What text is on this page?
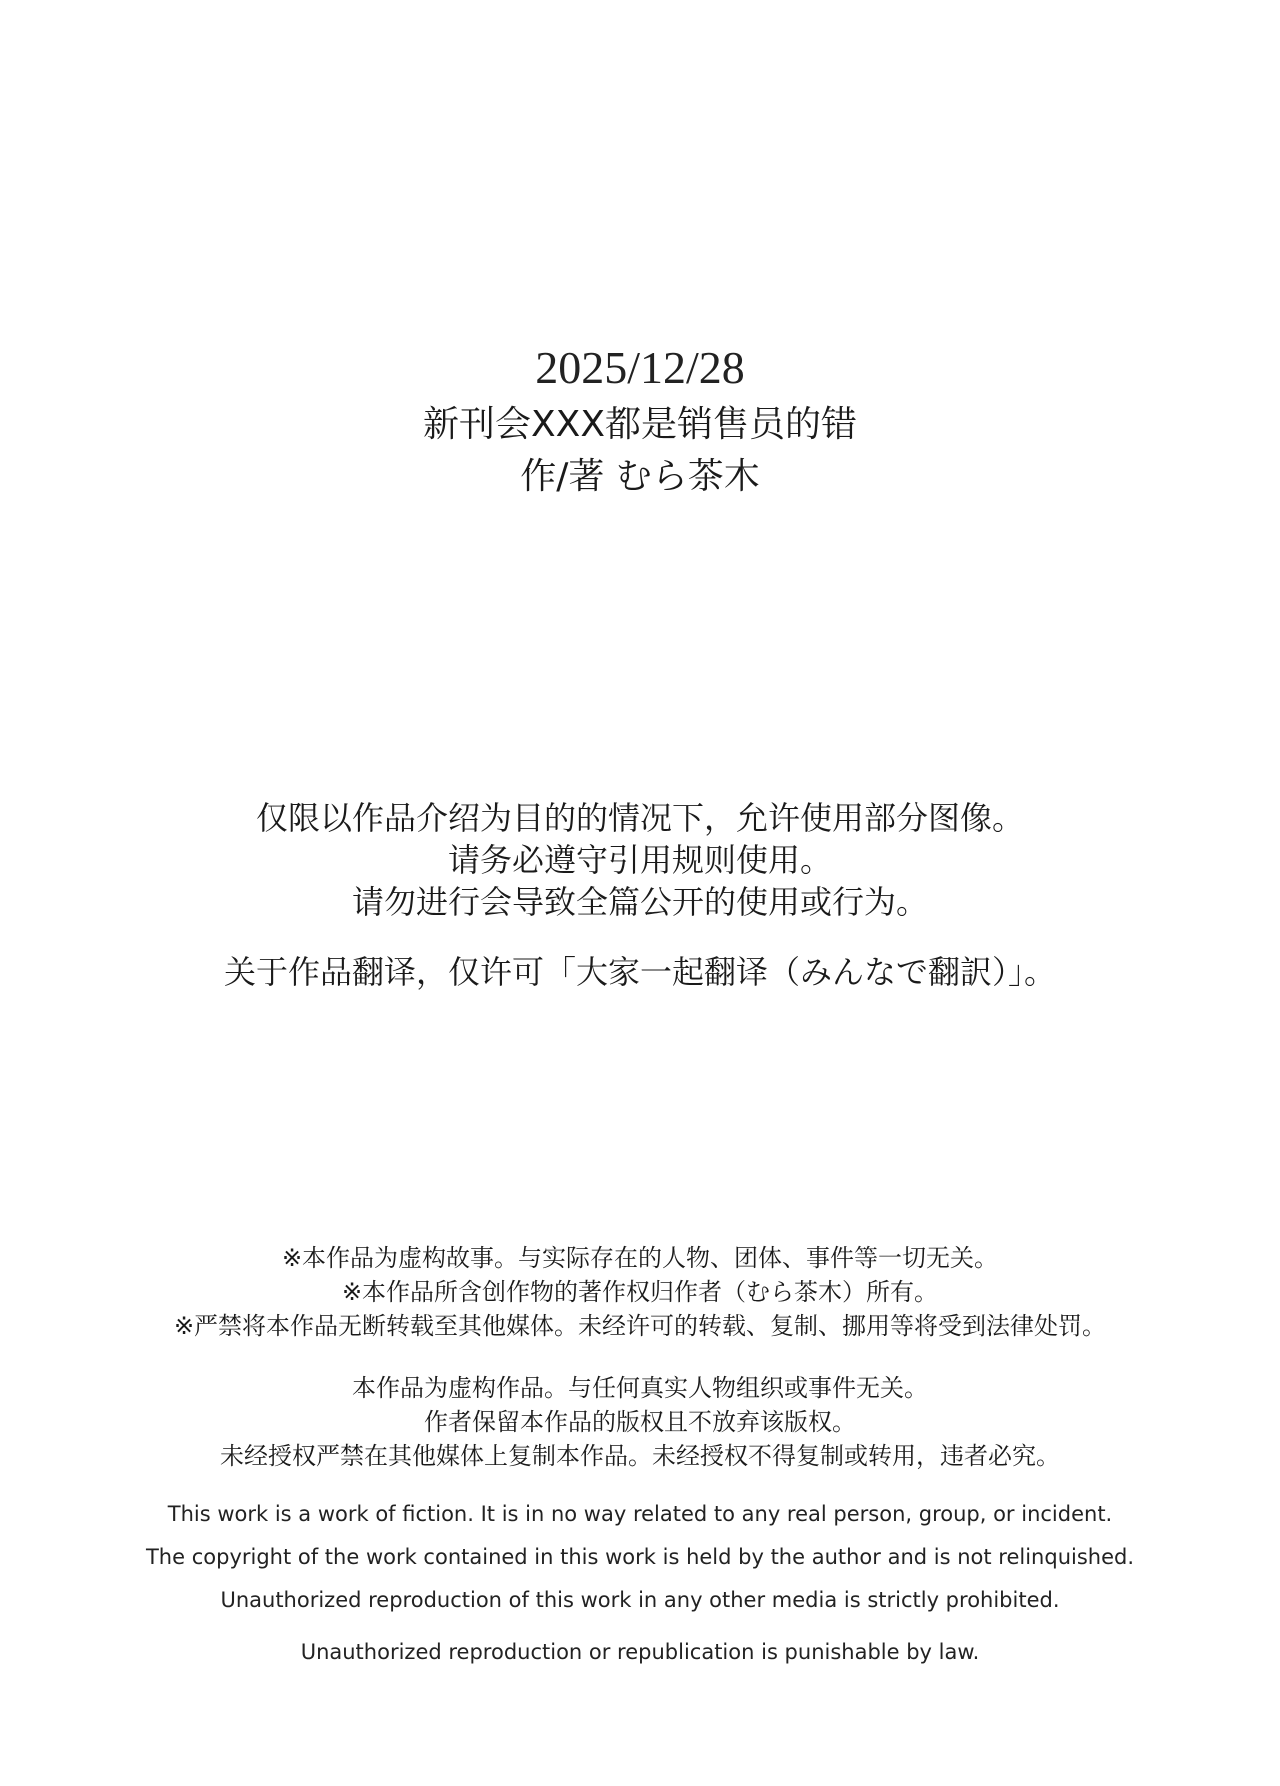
2025/12/28
新刊会XXX都是销售员的错
作/著 むら茶木
仅限以作品介绍为目的的情况下，允许使用部分图像。
请务必遵守引用规则使用。
请勿进行会导致全篇公开的使用或行为。
关于作品翻译，仅许可「大家一起翻译（みんなで翻訳）」。
※本作品为虚构故事。与实际存在的人物、团体、事件等一切无关。
※本作品所含创作物的著作权归作者（むら茶木）所有。
※严禁将本作品无断转载至其他媒体。未经许可的转载、复制、挪用等将受到法律处罚。
本作品为虚构作品。与任何真实人物组织或事件无关。
作者保留本作品的版权且不放弃该版权。
未经授权严禁在其他媒体上复制本作品。未经授权不得复制或转用，违者必究。
This work is a work of fiction. It is in no way related to any real person, group, or incident.
The copyright of the work contained in this work is held by the author and is not relinquished.
Unauthorized reproduction of this work in any other media is strictly prohibited.
Unauthorized reproduction or republication is punishable by law.
